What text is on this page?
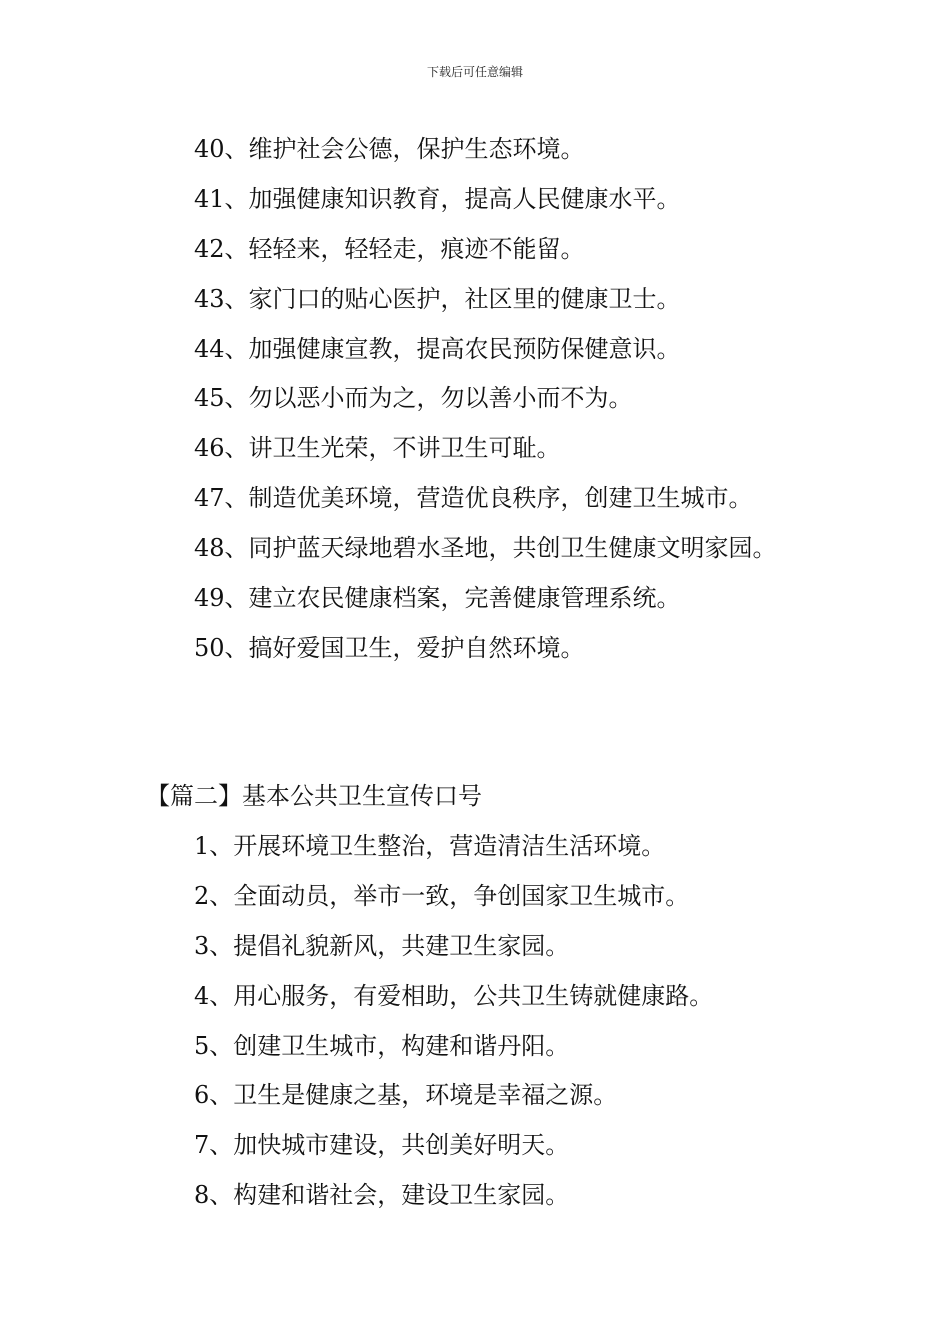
下载后可任意编辑
40、维护社会公德，保护生态环境。
41、加强健康知识教育，提高人民健康水平。
42、轻轻来，轻轻走，痕迹不能留。
43、家门口的贴心医护，社区里的健康卫士。
44、加强健康宣教，提高农民预防保健意识。
45、勿以恶小而为之，勿以善小而不为。
46、讲卫生光荣，不讲卫生可耻。
47、制造优美环境，营造优良秩序，创建卫生城市。
48、同护蓝天绿地碧水圣地，共创卫生健康文明家园。
49、建立农民健康档案，完善健康管理系统。
50、搞好爱国卫生，爱护自然环境。
【篇二】基本公共卫生宣传口号
1、开展环境卫生整治，营造清洁生活环境。
2、全面动员，举市一致，争创国家卫生城市。
3、提倡礼貌新风，共建卫生家园。
4、用心服务，有爱相助，公共卫生铸就健康路。
5、创建卫生城市，构建和谐丹阳。
6、卫生是健康之基，环境是幸福之源。
7、加快城市建设，共创美好明天。
8、构建和谐社会，建设卫生家园。
